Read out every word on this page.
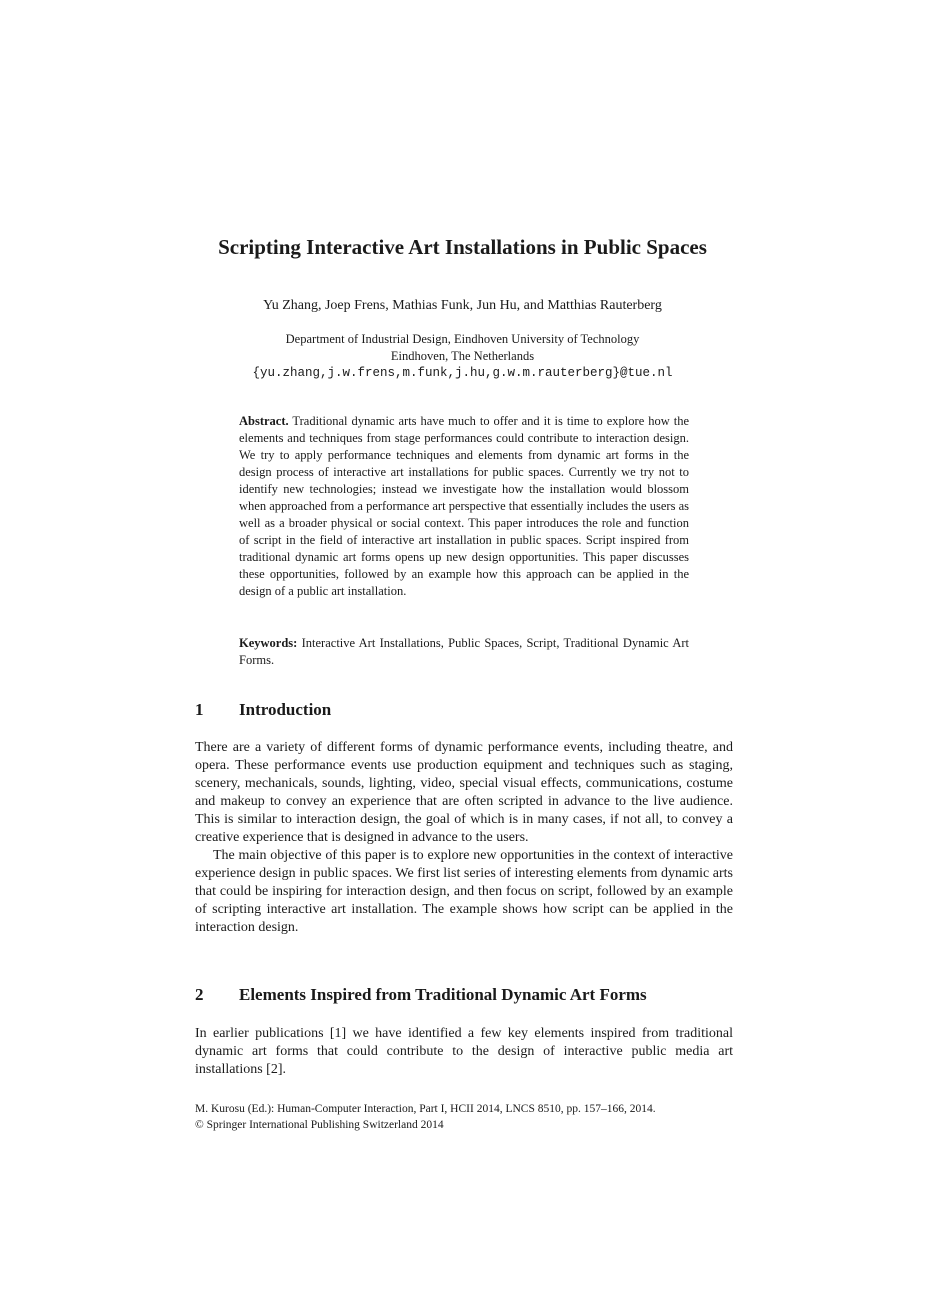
Scripting Interactive Art Installations in Public Spaces
Yu Zhang, Joep Frens, Mathias Funk, Jun Hu, and Matthias Rauterberg
Department of Industrial Design, Eindhoven University of Technology
Eindhoven, The Netherlands
{yu.zhang,j.w.frens,m.funk,j.hu,g.w.m.rauterberg}@tue.nl

Abstract. Traditional dynamic arts have much to offer and it is time to explore how the elements and techniques from stage performances could contribute to interaction design. We try to apply performance techniques and elements from dynamic art forms in the design process of interactive art installations for public spaces. Currently we try not to identify new technologies; instead we investigate how the installation would blossom when approached from a performance art perspective that essentially includes the users as well as a broader physical or social context. This paper introduces the role and function of script in the field of interactive art installation in public spaces. Script inspired from traditional dynamic art forms opens up new design opportunities. This paper discusses these opportunities, followed by an example how this approach can be applied in the design of a public art installation.

Keywords: Interactive Art Installations, Public Spaces, Script, Traditional Dynamic Art Forms.

1 Introduction

There are a variety of different forms of dynamic performance events, including theatre, and opera. These performance events use production equipment and techniques such as staging, scenery, mechanicals, sounds, lighting, video, special visual effects, communications, costume and makeup to convey an experience that are often scripted in advance to the live audience. This is similar to interaction design, the goal of which is in many cases, if not all, to convey a creative experience that is designed in advance to the users.

The main objective of this paper is to explore new opportunities in the context of interactive experience design in public spaces. We first list series of interesting elements from dynamic arts that could be inspiring for interaction design, and then focus on script, followed by an example of scripting interactive art installation. The example shows how script can be applied in the interaction design.

2 Elements Inspired from Traditional Dynamic Art Forms

In earlier publications [1] we have identified a few key elements inspired from traditional dynamic art forms that could contribute to the design of interactive public media art installations [2].

M. Kurosu (Ed.): Human-Computer Interaction, Part I, HCII 2014, LNCS 8510, pp. 157–166, 2014.
© Springer International Publishing Switzerland 2014
